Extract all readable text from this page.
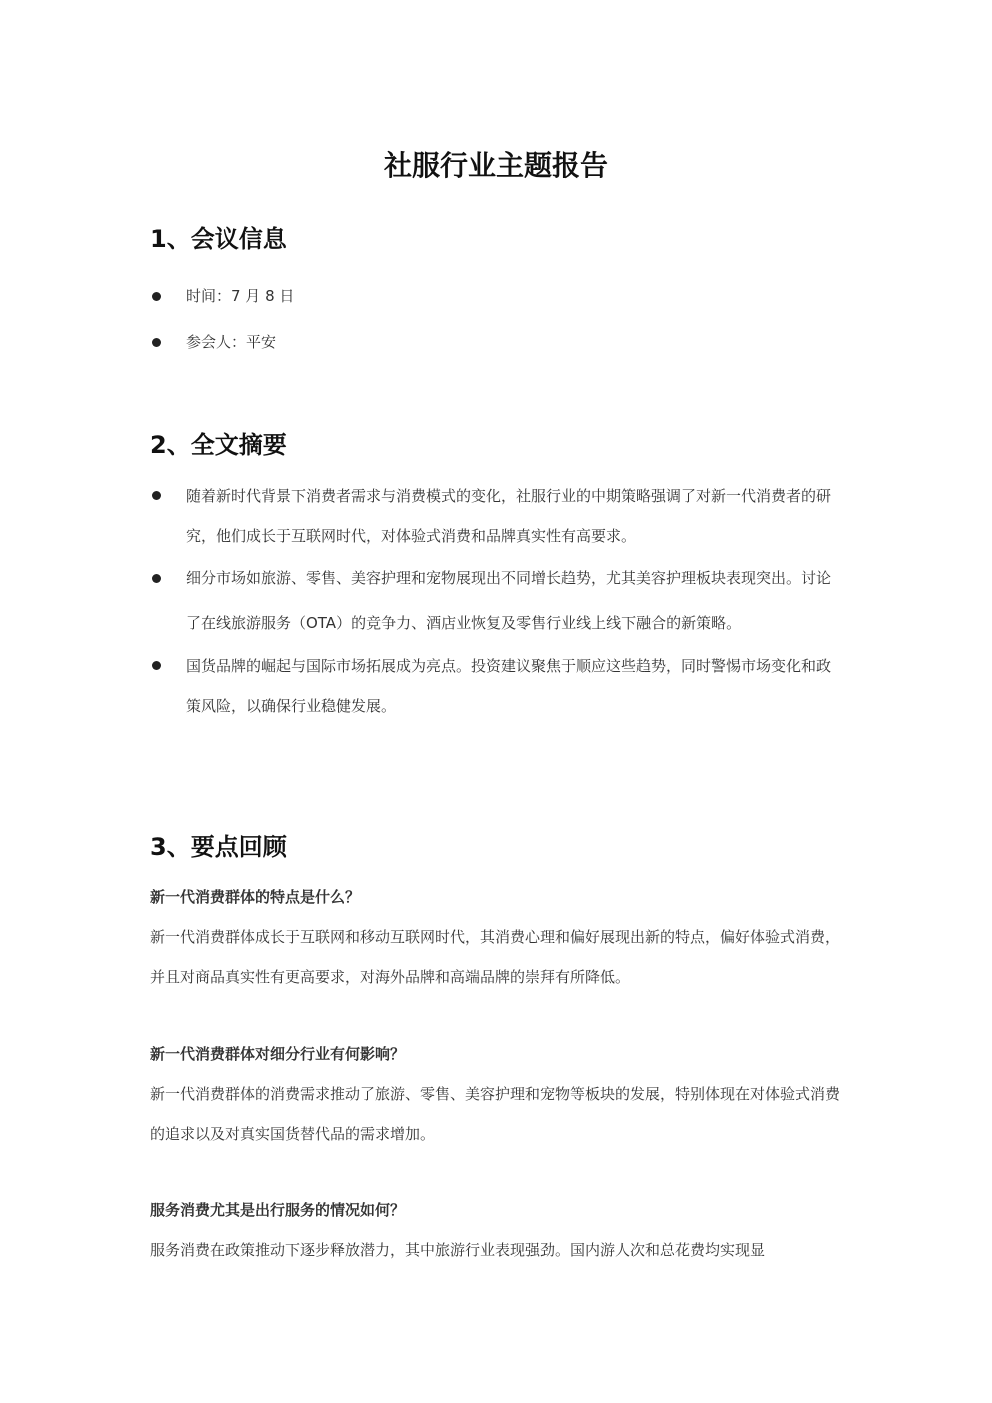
社服行业主题报告
1、会议信息
时间：7 月 8 日
参会人：平安
2、全文摘要
随着新时代背景下消费者需求与消费模式的变化，社服行业的中期策略强调了对新一代消费者的研究，他们成长于互联网时代，对体验式消费和品牌真实性有高要求。
细分市场如旅游、零售、美容护理和宠物展现出不同增长趋势，尤其美容护理板块表现突出。讨论了在线旅游服务（OTA）的竞争力、酒店业恢复及零售行业线上线下融合的新策略。
国货品牌的崛起与国际市场拓展成为亮点。投资建议聚焦于顺应这些趋势，同时警惕市场变化和政策风险，以确保行业稳健发展。
3、要点回顾

新一代消费群体的特点是什么？

新一代消费群体成长于互联网和移动互联网时代，其消费心理和偏好展现出新的特点，偏好体验式消费，并且对商品真实性有更高要求，对海外品牌和高端品牌的崇拜有所降低。

新一代消费群体对细分行业有何影响？

新一代消费群体的消费需求推动了旅游、零售、美容护理和宠物等板块的发展，特别体现在对体验式消费的追求以及对真实国货替代品的需求增加。

服务消费尤其是出行服务的情况如何？

服务消费在政策推动下逐步释放潜力，其中旅游行业表现强劲。国内游人次和总花费均实现显
